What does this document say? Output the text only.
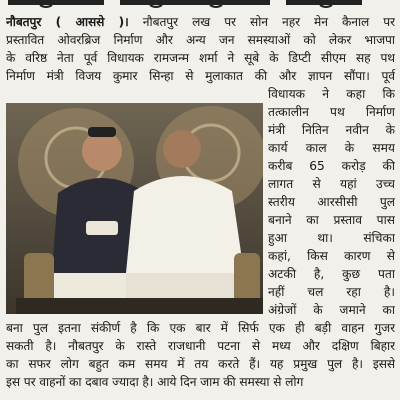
नौबतपुर ( आससे )। नौबतपुर लख पर सोन नहर मेन कैनाल पर
प्रस्तावित ओवरब्रिज निर्माण और अन्य जन समस्याओं को लेकर भाजपा
के वरिष्ठ नेता पूर्व विधायक रामजन्म शर्मा ने सूबे के डिप्टी सीएम सह पथ
निर्माण मंत्री विजय कुमार सिन्हा से मुलाकात की और ज्ञापन सौंपा। पूर्व
विधायक ने कहा कि
तत्कालीन पथ निर्माण
मंत्री नितिन नवीन के
कार्य काल के समय
करीब 65 करोड़ की
लागत से यहां उच्च
स्तरीय आरसीसी पुल
बनाने का प्रस्ताव पास
हुआ था। संचिका
कहां, किस कारण से
अटकी है, कुछ पता
नहीं चल रहा है।
अंग्रेजों के जमाने का
बना पुल इतना संकीर्ण है कि एक बार में सिर्फ एक ही बड़ी वाहन गुजर
सकती है। नौबतपुर के रास्ते राजधानी पटना से मध्य और दक्षिण बिहार
का सफर लोग बहुत कम समय में तय करते हैं। यह प्रमुख पुल है। इससे
इस पर वाहनों का दबाव ज्यादा है। आये दिन जाम की समस्या से लोग
